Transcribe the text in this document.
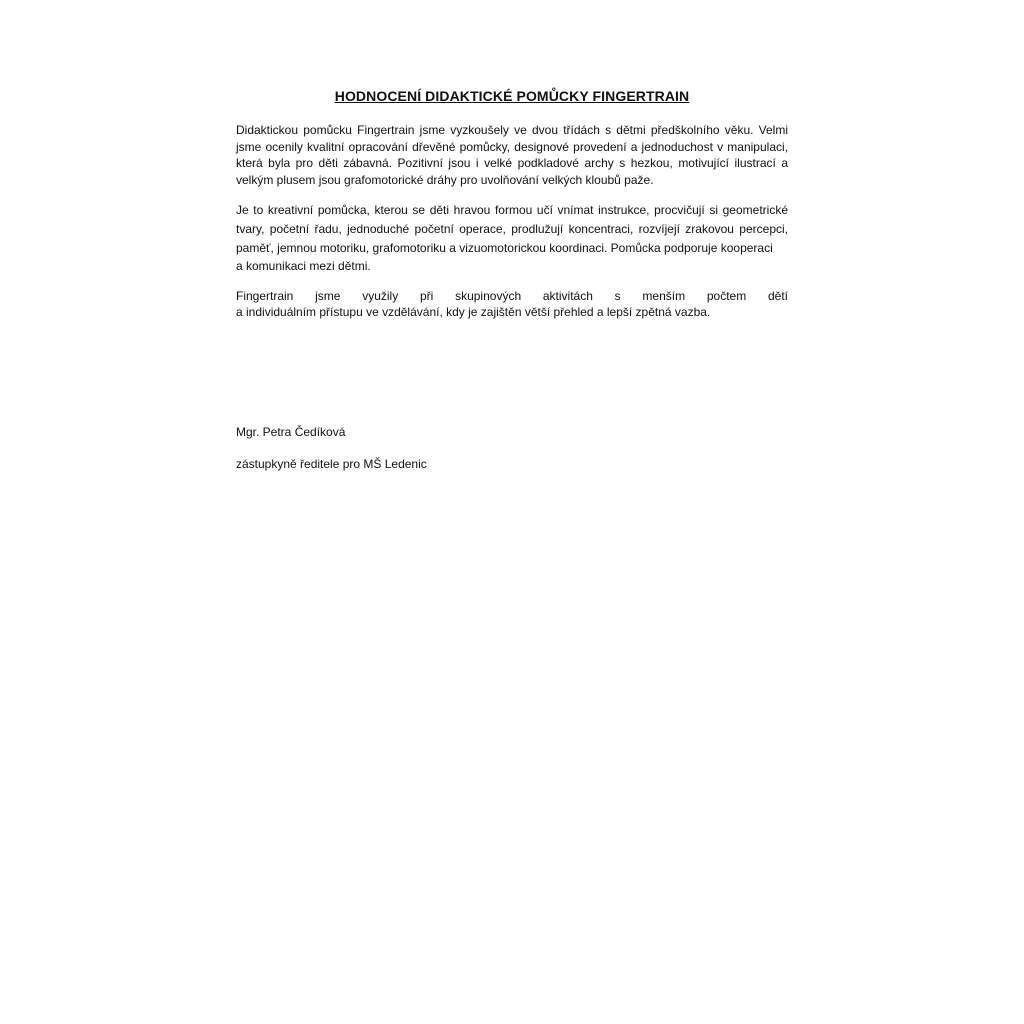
HODNOCENÍ DIDAKTICKÉ POMŮCKY FINGERTRAIN

Didaktickou pomůcku Fingertrain jsme vyzkoušely ve dvou třídách s dětmi předškolního věku. Velmi jsme ocenily kvalitní opracování dřevěné pomůcky, designové provedení a jednoduchost v manipulaci, která byla pro děti zábavná. Pozitivní jsou i velké podkladové archy s hezkou, motivující ilustrací a velkým plusem jsou grafomotorické dráhy pro uvolňování velkých kloubů paže.

Je to kreativní pomůcka, kterou se děti hravou formou učí vnímat instrukce, procvičují si geometrické tvary, početní řadu, jednoduché početní operace, prodlužují koncentraci, rozvíjejí zrakovou percepci, paměť, jemnou motoriku, grafomotoriku a vizuomotorickou koordinaci. Pomůcka podporuje kooperaci

a komunikaci mezi dětmi.

Fingertrain jsme využily při skupinových aktivitách s menším počtem dětí
a individuálním přístupu ve vzdělávání, kdy je zajištěn větší přehled a lepší zpětná vazba.

Mgr. Petra Čedíková

zástupkyně ředitele pro MŠ Ledenic
